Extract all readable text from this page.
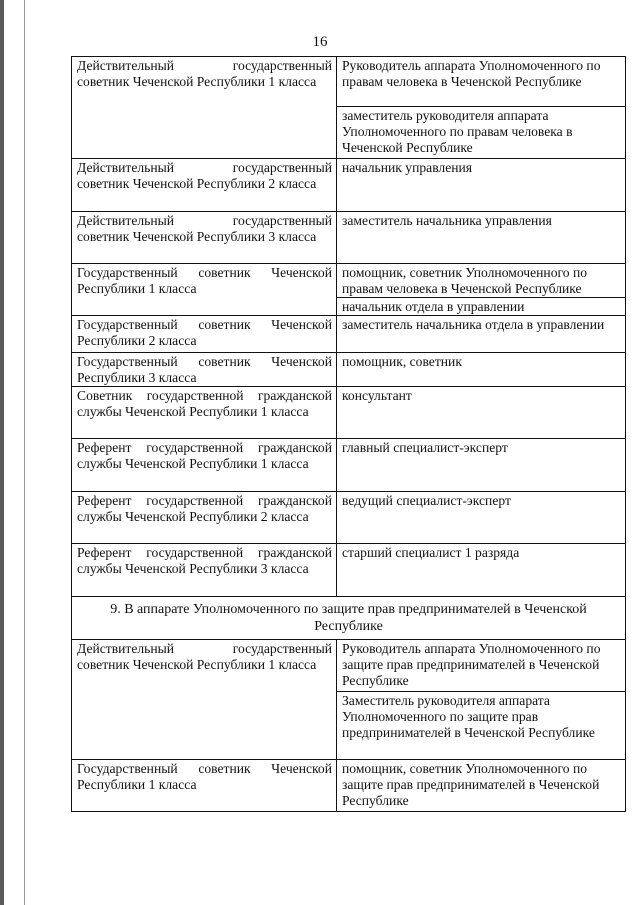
16
Действительный государственный советник Чеченской Республики 1 класса	Руководитель аппарата Уполномоченного по правам человека в Чеченской Республике
	заместитель руководителя аппарата Уполномоченного по правам человека в Чеченской Республике
Действительный государственный советник Чеченской Республики 2 класса	начальник управления
Действительный государственный советник Чеченской Республики 3 класса	заместитель начальника управления
Государственный советник Чеченской Республики 1 класса	помощник, советник Уполномоченного по правам человека в Чеченской Республике
	начальник отдела в управлении
Государственный советник Чеченской Республики 2 класса	заместитель начальника отдела в управлении
Государственный советник Чеченской Республики 3 класса	помощник, советник
Советник государственной гражданской службы Чеченской Республики 1 класса	консультант
Референт государственной гражданской службы Чеченской Республики 1 класса	главный специалист-эксперт
Референт государственной гражданской службы Чеченской Республики 2 класса	ведущий специалист-эксперт
Референт государственной гражданской службы Чеченской Республики 3 класса	старший специалист 1 разряда
9. В аппарате Уполномоченного по защите прав предпринимателей в Чеченской Республике	
Действительный государственный советник Чеченской Республики 1 класса	Руководитель аппарата Уполномоченного по защите прав предпринимателей в Чеченской Республике
	Заместитель руководителя аппарата Уполномоченного по защите прав предпринимателей в Чеченской Республике
Государственный советник Чеченской Республики 1 класса	помощник, советник Уполномоченного по защите прав предпринимателей в Чеченской Республике
